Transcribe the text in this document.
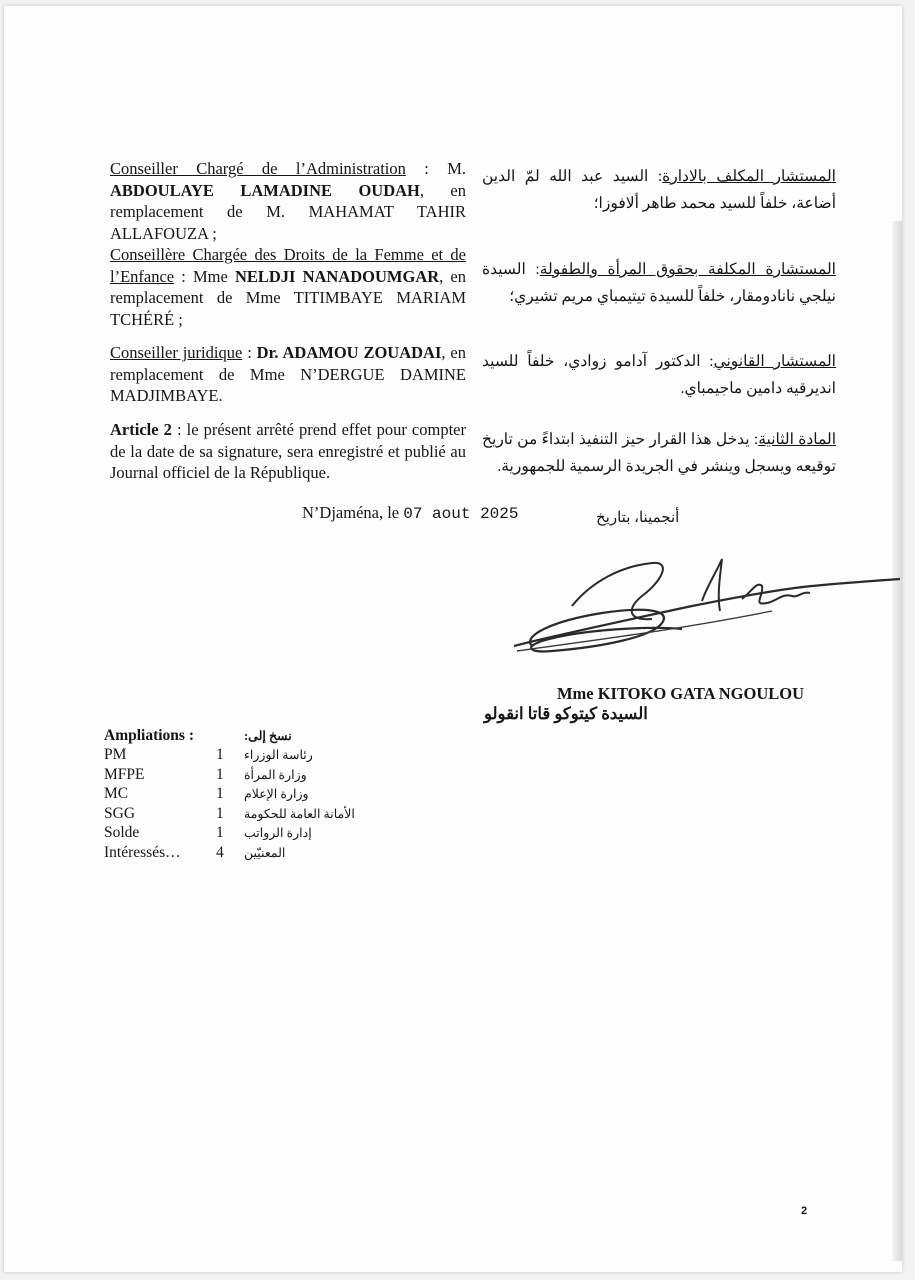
Conseiller Chargé de l’Administration : M. ABDOULAYE LAMADINE OUDAH, en remplacement de M. MAHAMAT TAHIR ALLAFOUZA ;
المستشار المكلف بالادارة: السيد عبد الله لمّ الدين أضاعة، خلفاً للسيد محمد طاهر ألافوزا؛
Conseillère Chargée des Droits de la Femme et de l’Enfance : Mme NELDJI NANADOUMGAR, en remplacement de Mme TITIMBAYE MARIAM TCHÉRÉ ;
المستشارة المكلفة بحقوق المرأة والطفولة: السيدة نيلجي نانادومقار، خلفاً للسيدة تيتيمباي مريم تشيري؛
Conseiller juridique : Dr. ADAMOU ZOUADAI, en remplacement de Mme N’DERGUE DAMINE MADJIMBAYE.
المستشار القانوني: الدكتور آدامو زوادي، خلفاً للسيد انديرقيه دامين ماجيمباي.
Article 2 : le présent arrêté prend effet pour compter de la date de sa signature, sera enregistré et publié au Journal officiel de la République.
المادة الثانية: يدخل هذا القرار حيز التنفيذ ابتداءً من تاريخ توقيعه ويسجل وينشر في الجريدة الرسمية للجمهورية.
N’Djaména, le 07 aout 2025	أنجمينا، بتاريخ
Mme KITOKO GATA NGOULOU
السيدة كيتوكو قاتا انقولو
Ampliations :		نسخ إلى:
PM	1	رئاسة الوزراء
MFPE	1	وزارة المرأة
MC	1	وزارة الإعلام
SGG	1	الأمانة العامة للحكومة
Solde	1	إدارة الرواتب
Intéressés…	4	المعنيّين
2
